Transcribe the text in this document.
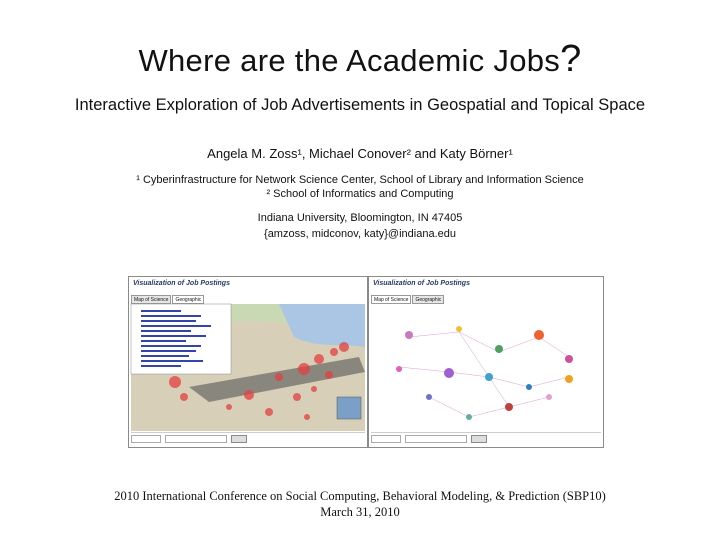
Where are the Academic Jobs?
Interactive Exploration of Job Advertisements in Geospatial and Topical Space
Angela M. Zoss¹, Michael Conover² and Katy Börner¹
¹ Cyberinfrastructure for Network Science Center, School of Library and Information Science
² School of Informatics and Computing
Indiana University, Bloomington, IN 47405
{amzoss, midconov, katy}@indiana.edu
Visualization of Job Postings
Map of Science	Geographic
Visualization of Job Postings
Map of Science	Geographic
2010 International Conference on Social Computing, Behavioral Modeling, & Prediction (SBP10)
March 31, 2010
